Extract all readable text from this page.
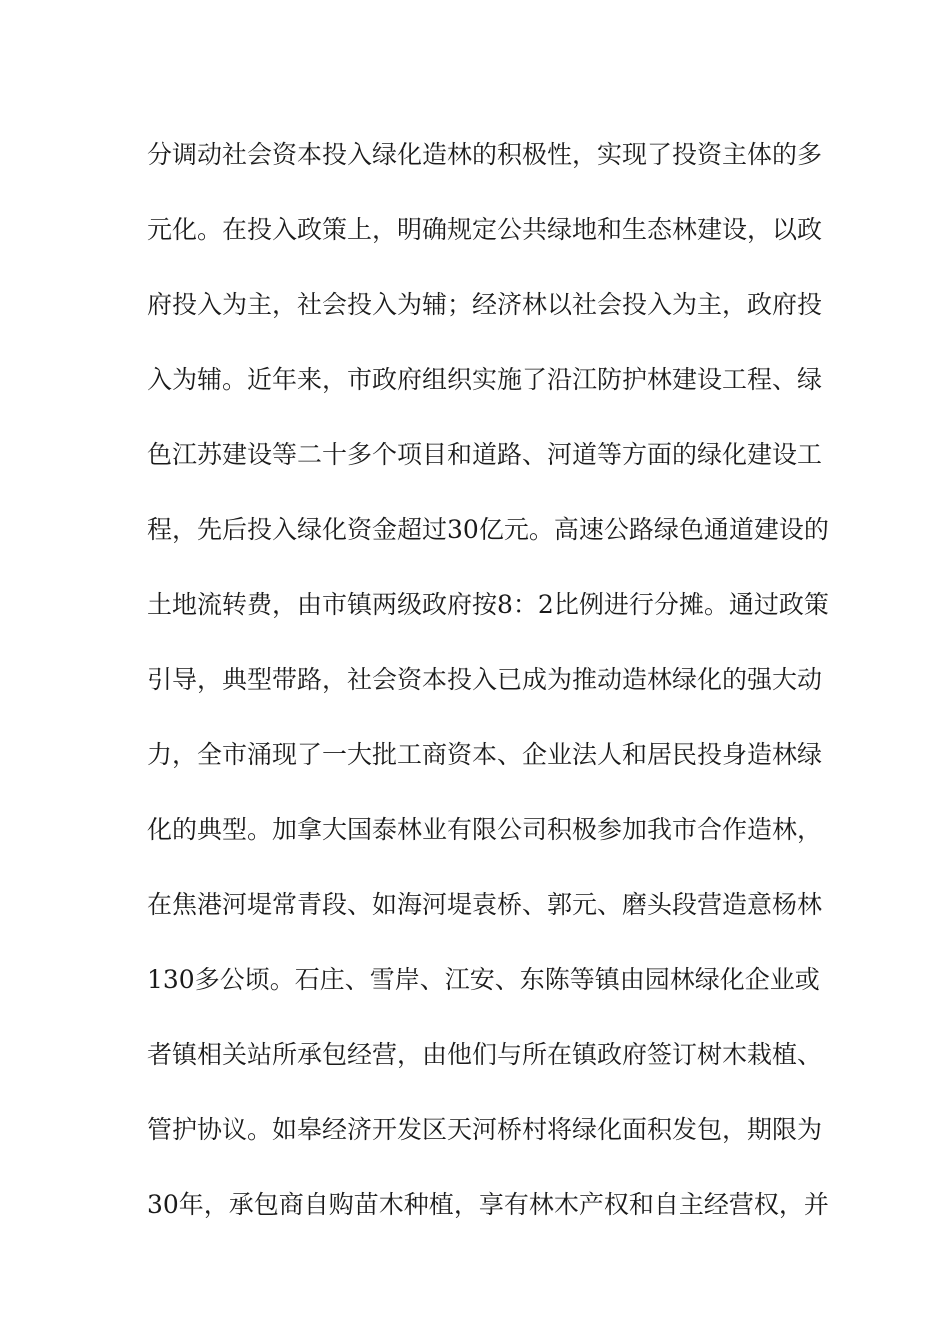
分调动社会资本投入绿化造林的积极性，实现了投资主体的多
元化。在投入政策上，明确规定公共绿地和生态林建设，以政
府投入为主，社会投入为辅；经济林以社会投入为主，政府投
入为辅。近年来，市政府组织实施了沿江防护林建设工程、绿
色江苏建设等二十多个项目和道路、河道等方面的绿化建设工
程，先后投入绿化资金超过30亿元。高速公路绿色通道建设的
土地流转费，由市镇两级政府按8：2比例进行分摊。通过政策
引导，典型带路，社会资本投入已成为推动造林绿化的强大动
力，全市涌现了一大批工商资本、企业法人和居民投身造林绿
化的典型。加拿大国泰林业有限公司积极参加我市合作造林，
在焦港河堤常青段、如海河堤袁桥、郭元、磨头段营造意杨林
130多公顷。石庄、雪岸、江安、东陈等镇由园林绿化企业或
者镇相关站所承包经营，由他们与所在镇政府签订树木栽植、
管护协议。如皋经济开发区天河桥村将绿化面积发包，期限为
30年，承包商自购苗木种植，享有林木产权和自主经营权，并
